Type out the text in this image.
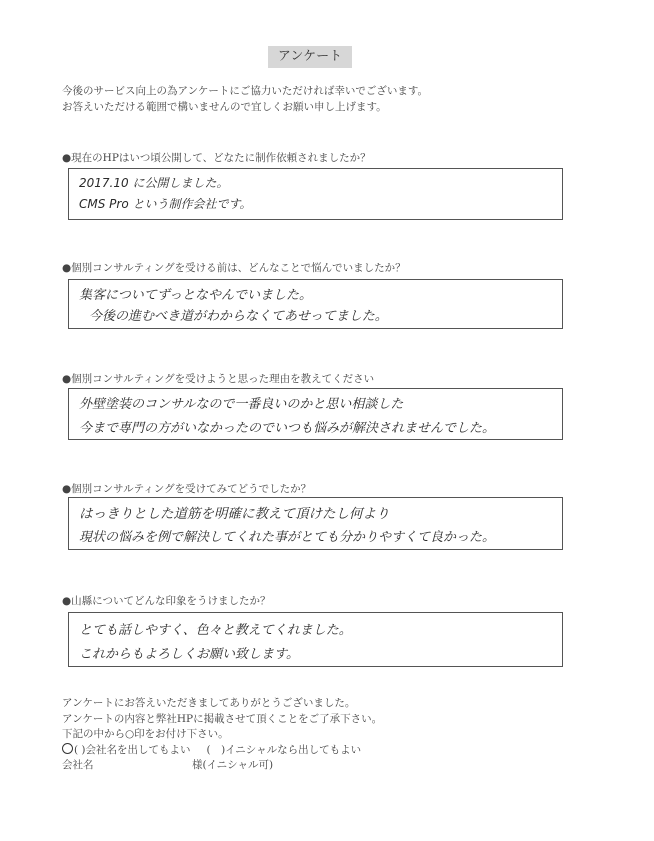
アンケート
今後のサービス向上の為アンケートにご協力いただければ幸いでございます。
お答えいただける範囲で構いませんので宜しくお願い申し上げます。
●現在のHPはいつ頃公開して、どなたに制作依頼されましたか？
2017.10 に公開しました。
CMS Pro という制作会社です。
●個別コンサルティングを受ける前は、どんなことで悩んでいましたか？
集客についてずっとなやんでいました。
今後の進むべき道がわからなくてあせってました。
●個別コンサルティングを受けようと思った理由を教えてください
外壁塗装のコンサルなので一番良いのかと思い相談した
今まで専門の方がいなかったのでいつも悩みが解決されませんでした。
●個別コンサルティングを受けてみてどうでしたか？
はっきりとした道筋を明確に教えて頂けたし何より
現状の悩みを例で解決してくれた事がとても分かりやすくて良かった。
●山縣についてどんな印象をうけましたか？
とても話しやすく、色々と教えてくれました。
これからもよろしくお願い致します。
アンケートにお答えいただきましてありがとうございました。
アンケートの内容と弊社HPに掲載させて頂くことをご了承下さい。
下記の中から○印をお付け下さい。
( )会社名を出してもよい (　)イニシャルなら出してもよい
会社名	様(イニシャル可)
